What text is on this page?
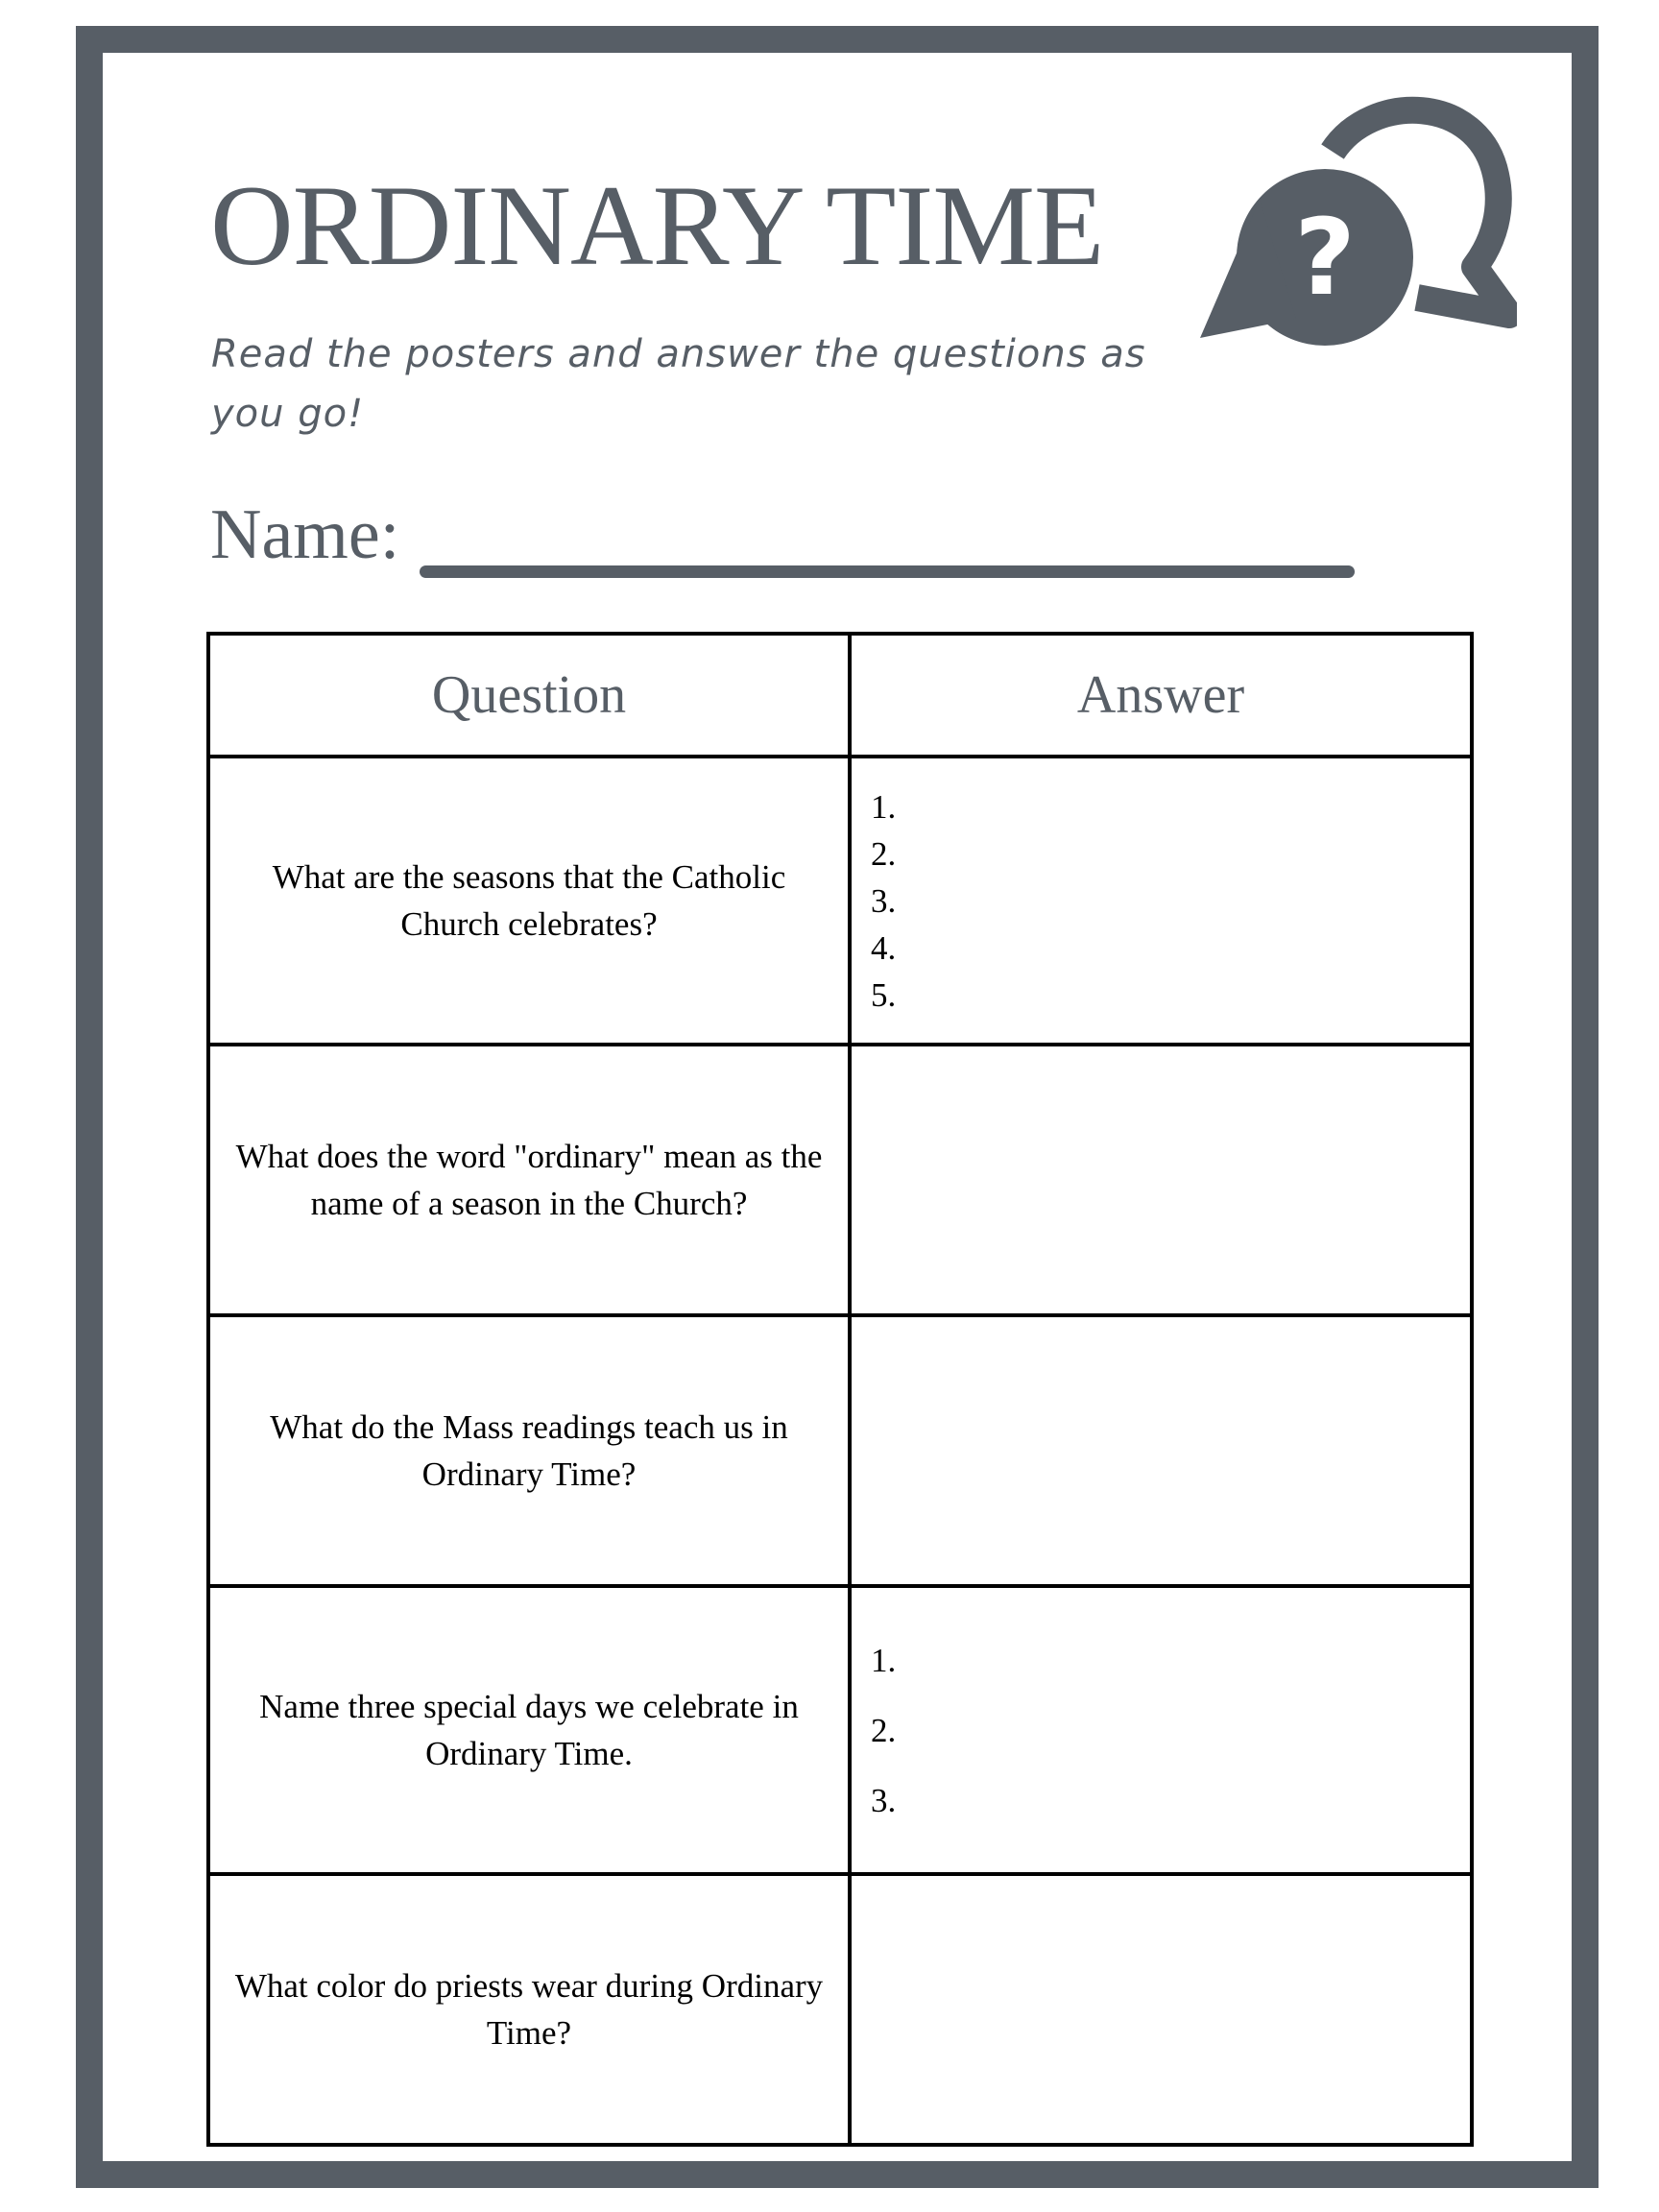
ORDINARY TIME ?

Read the posters and answer the questions as you go!

Name:
Question	Answer
What are the seasons that the Catholic Church celebrates?	1.
2.
3.
4.
5.

What does the word "ordinary" mean as the name of a season in the Church?	
What do the Mass readings teach us in Ordinary Time?	
Name three special days we celebrate in Ordinary Time.	1.
2.
3.

What color do priests wear during Ordinary Time?	
